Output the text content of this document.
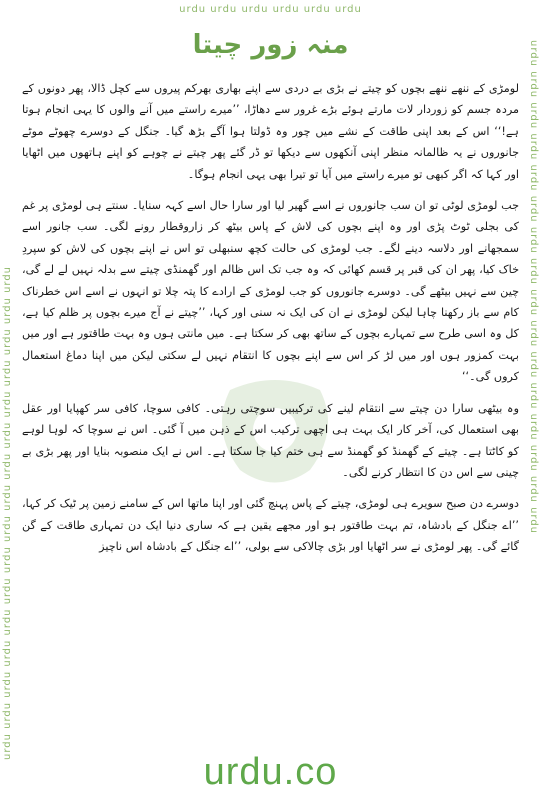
urdu urdu urdu urdu urdu urdu
urdu urdu urdu urdu urdu urdu urdu urdu urdu urdu urdu urdu urdu urdu urdu urdu	urdu urdu urdu urdu urdu urdu urdu urdu urdu urdu urdu urdu urdu urdu urdu urdu
منہ زور چیتا

لومڑی کے ننھے ننھے بچوں کو چیتے نے بڑی بے دردی سے اپنے بھاری بھرکم پیروں سے کچل ڈالا، پھر دونوں کے مردہ جسم کو زوردار لات مارتے ہوئے بڑے غرور سے دھاڑا، ’’میرے راستے میں آنے والوں کا یہی انجام ہوتا ہے!‘‘ اس کے بعد اپنی طاقت کے نشے میں چور وہ ڈولتا ہوا آگے بڑھ گیا۔ جنگل کے دوسرے چھوٹے موٹے جانوروں نے یہ ظالمانہ منظر اپنی آنکھوں سے دیکھا تو ڈر گئے پھر چیتے نے چوہے کو اپنے ہاتھوں میں اٹھایا اور کہا کہ اگر کبھی تو میرے راستے میں آیا تو تیرا بھی یہی انجام ہوگا۔

جب لومڑی لوٹی تو ان سب جانوروں نے اسے گھیر لیا اور سارا حال اسے کہہ سنایا۔ سنتے ہی لومڑی پر غم کی بجلی ٹوٹ پڑی اور وہ اپنے بچوں کی لاش کے پاس بیٹھ کر زاروقطار رونے لگی۔ سب جانور اسے سمجھانے اور دلاسہ دینے لگے۔ جب لومڑی کی حالت کچھ سنبھلی تو اس نے اپنے بچوں کی لاش کو سپردِ خاک کیا، پھر ان کی قبر پر قسم کھائی کہ وہ جب تک اس ظالم اور گھمنڈی چیتے سے بدلہ نہیں لے لے گی، چین سے نہیں بیٹھے گی۔ دوسرے جانوروں کو جب لومڑی کے ارادے کا پتہ چلا تو انہوں نے اسے اس خطرناک کام سے باز رکھنا چاہا لیکن لومڑی نے ان کی ایک نہ سنی اور کہا، ’’چیتے نے آج میرے بچوں پر ظلم کیا ہے، کل وہ اسی طرح سے تمہارے بچوں کے ساتھ بھی کر سکتا ہے۔ میں مانتی ہوں وہ بہت طاقتور ہے اور میں بہت کمزور ہوں اور میں لڑ کر اس سے اپنے بچوں کا انتقام نہیں لے سکتی لیکن میں اپنا دماغ استعمال کروں گی۔‘‘

وہ بیٹھی سارا دن چیتے سے انتقام لینے کی ترکیبیں سوچتی رہتی۔ کافی سوچا، کافی سر کھپایا اور عقل بھی استعمال کی، آخر کار ایک بہت ہی اچھی ترکیب اس کے ذہن میں آ گئی۔ اس نے سوچا کہ لوہا لوہے کو کاٹتا ہے۔ چیتے کے گھمنڈ کو گھمنڈ سے ہی ختم کیا جا سکتا ہے۔ اس نے ایک منصوبہ بنایا اور پھر بڑی بے چینی سے اس دن کا انتظار کرنے لگی۔

دوسرے دن صبح سویرے ہی لومڑی، چیتے کے پاس پہنچ گئی اور اپنا ماتھا اس کے سامنے زمین پر ٹیک کر کہا، ’’اے جنگل کے بادشاہ، تم بہت طاقتور ہو اور مجھے یقین ہے کہ ساری دنیا ایک دن تمہاری طاقت کے گن گائے گی۔ پھر لومڑی نے سر اٹھایا اور بڑی چالاکی سے بولی، ’’اے جنگل کے بادشاہ اس ناچیز

urdu.co
